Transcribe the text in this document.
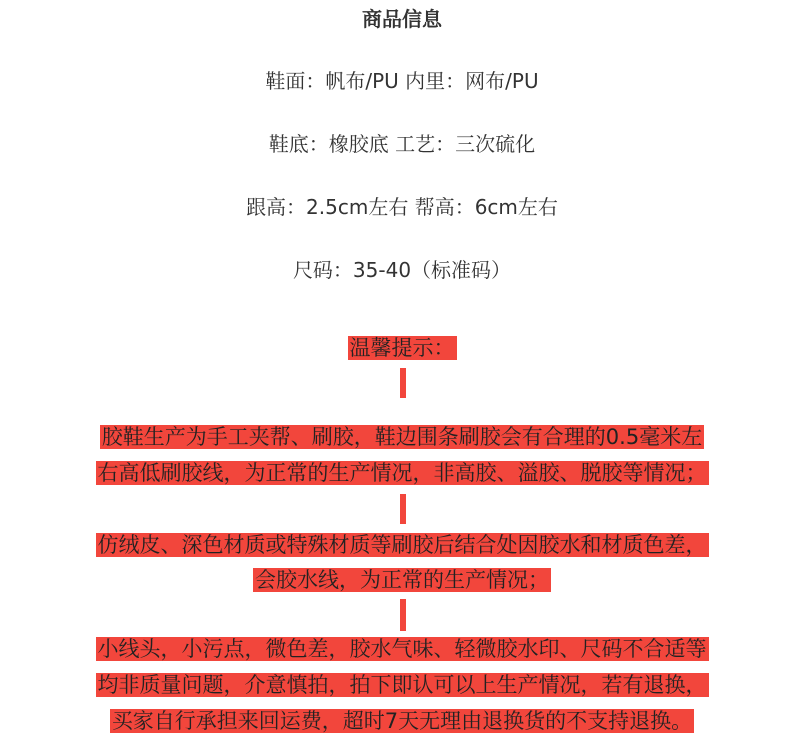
商品信息
鞋面：帆布/PU 内里：网布/PU
鞋底：橡胶底 工艺：三次硫化
跟高：2.5cm左右 帮高：6cm左右
尺码：35-40（标准码）
温馨提示：
胶鞋生产为手工夹帮、刷胶，鞋边围条刷胶会有合理的0.5毫米左
右高低刷胶线，为正常的生产情况，非高胶、溢胶、脱胶等情况；
仿绒皮、深色材质或特殊材质等刷胶后结合处因胶水和材质色差，
会胶水线，为正常的生产情况；
小线头，小污点，微色差，胶水气味、轻微胶水印、尺码不合适等
均非质量问题，介意慎拍，拍下即认可以上生产情况，若有退换，
买家自行承担来回运费，超时7天无理由退换货的不支持退换。
